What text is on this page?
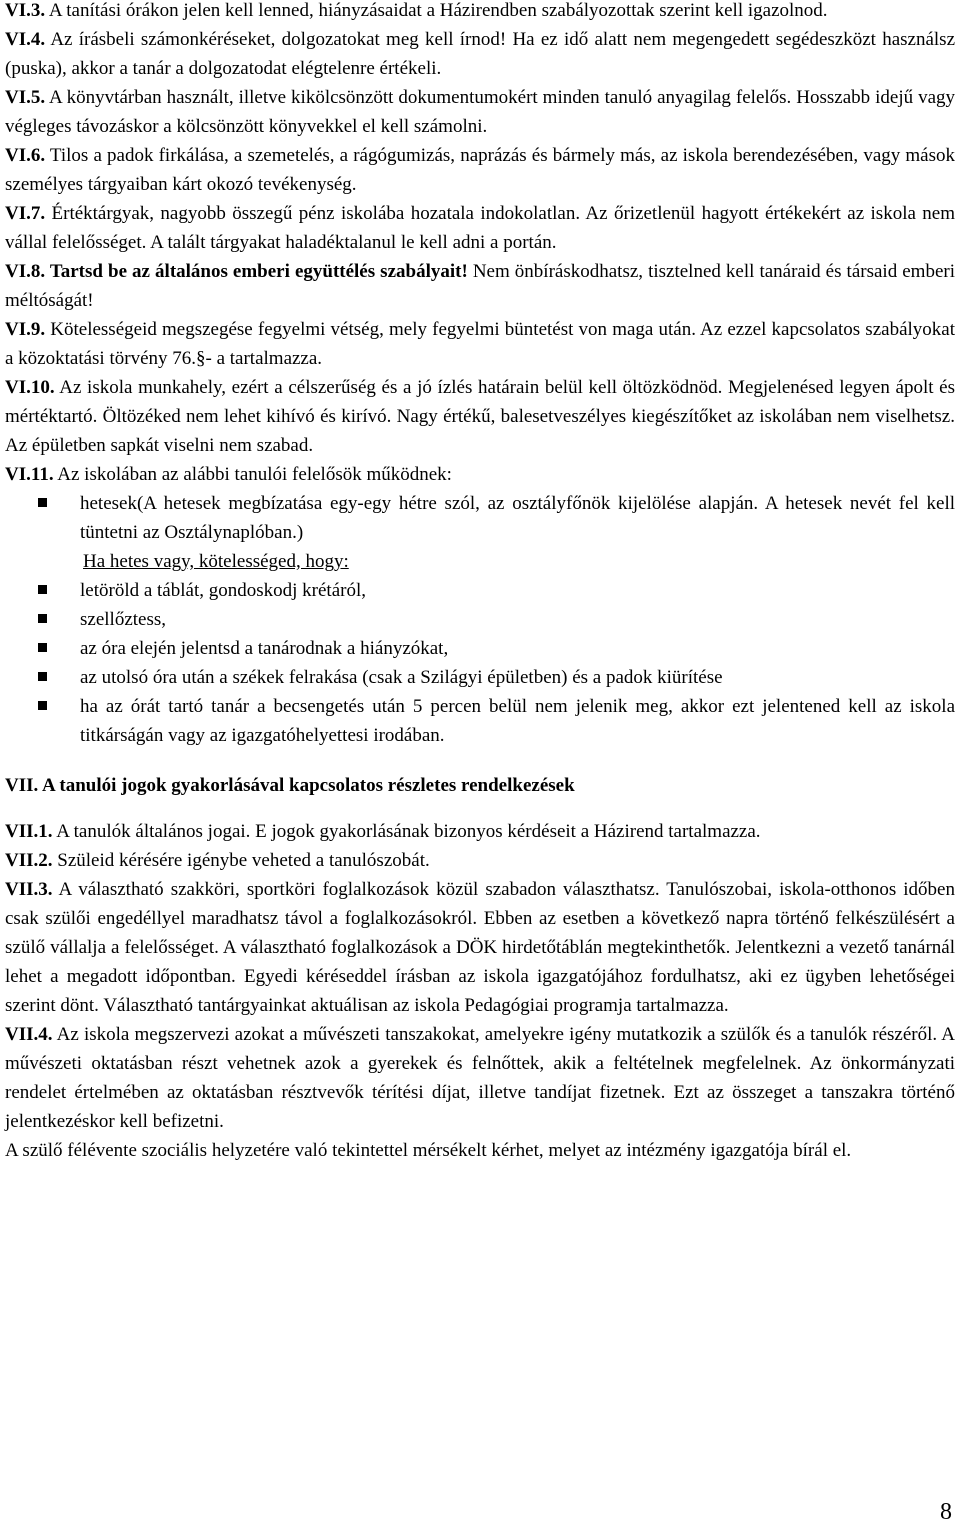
VI.3. A tanítási órákon jelen kell lenned, hiányzásaidat a Házirendben szabályozottak szerint kell igazolnod.

VI.4. Az írásbeli számonkéréseket, dolgozatokat meg kell írnod! Ha ez idő alatt nem megengedett segédeszközt használsz (puska), akkor a tanár a dolgozatodat elégtelenre értékeli.

VI.5. A könyvtárban használt, illetve kikölcsönzött dokumentumokért minden tanuló anyagilag felelős. Hosszabb idejű vagy végleges távozáskor a kölcsönzött könyvekkel el kell számolni.

VI.6. Tilos a padok firkálása, a szemetelés, a rágógumizás, naprázás és bármely más, az iskola berendezésében, vagy mások személyes tárgyaiban kárt okozó tevékenység.

VI.7. Értéktárgyak, nagyobb összegű pénz iskolába hozatala indokolatlan. Az őrizetlenül hagyott értékekért az iskola nem vállal felelősséget. A talált tárgyakat haladéktalanul le kell adni a portán.

VI.8. Tartsd be az általános emberi együttélés szabályait! Nem önbíráskodhatsz, tisztelned kell tanáraid és társaid emberi méltóságát!

VI.9. Kötelességeid megszegése fegyelmi vétség, mely fegyelmi büntetést von maga után. Az ezzel kapcsolatos szabályokat a közoktatási törvény 76.§- a tartalmazza.

VI.10. Az iskola munkahely, ezért a célszerűség és a jó ízlés határain belül kell öltözködnöd. Megjelenésed legyen ápolt és mértéktartó. Öltözéked nem lehet kihívó és kirívó. Nagy értékű, balesetveszélyes kiegészítőket az iskolában nem viselhetsz. Az épületben sapkát viselni nem szabad.

VI.11. Az iskolában az alábbi tanulói felelősök működnek:

hetesek(A hetesek megbízatása egy-egy hétre szól, az osztályfőnök kijelölése alapján. A hetesek nevét fel kell tüntetni az Osztálynaplóban.)

Ha hetes vagy, kötelességed, hogy:

letöröld a táblát, gondoskodj krétáról,
szellőztess,
az óra elején jelentsd a tanárodnak a hiányzókat,
az utolsó óra után a székek felrakása (csak a Szilágyi épületben) és a padok kiürítése
ha az órát tartó tanár a becsengetés után 5 percen belül nem jelenik meg, akkor ezt jelentened kell az iskola titkárságán vagy az igazgatóhelyettesi irodában.
VII. A tanulói jogok gyakorlásával kapcsolatos részletes rendelkezések

VII.1. A tanulók általános jogai. E jogok gyakorlásának bizonyos kérdéseit a Házirend tartalmazza.

VII.2. Szüleid kérésére igénybe veheted a tanulószobát.

VII.3. A választható szakköri, sportköri foglalkozások közül szabadon választhatsz. Tanulószobai, iskola-otthonos időben csak szülői engedéllyel maradhatsz távol a foglalkozásokról. Ebben az esetben a következő napra történő felkészülésért a szülő vállalja a felelősséget. A választható foglalkozások a DÖK hirdetőtáblán megtekinthetők. Jelentkezni a vezető tanárnál lehet a megadott időpontban. Egyedi kéréseddel írásban az iskola igazgatójához fordulhatsz, aki ez ügyben lehetőségei szerint dönt. Választható tantárgyainkat aktuálisan az iskola Pedagógiai programja tartalmazza.

VII.4. Az iskola megszervezi azokat a művészeti tanszakokat, amelyekre igény mutatkozik a szülők és a tanulók részéről. A művészeti oktatásban részt vehetnek azok a gyerekek és felnőttek, akik a feltételnek megfelelnek. Az önkormányzati rendelet értelmében az oktatásban résztvevők térítési díjat, illetve tandíjat fizetnek. Ezt az összeget a tanszakra történő jelentkezéskor kell befizetni.

A szülő félévente szociális helyzetére való tekintettel mérsékelt kérhet, melyet az intézmény igazgatója bírál el.

8
